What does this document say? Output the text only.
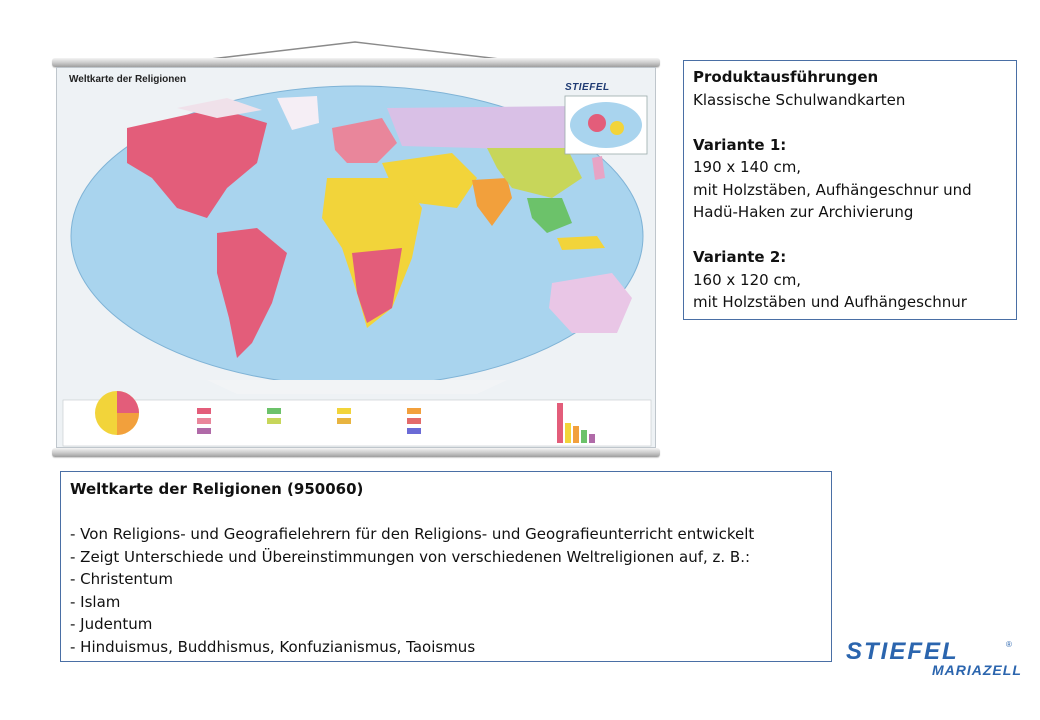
Weltkarte der Religionen
STIEFEL

Produktausführungen

Klassische Schulwandkarten

Variante 1:

190 x 140 cm,

mit Holzstäben, Aufhängeschnur und

Hadü-Haken zur Archivierung

Variante 2:

160 x 120 cm,

mit Holzstäben und Aufhängeschnur

Weltkarte der Religionen (950060)

- Von Religions- und Geografielehrern für den Religions- und Geografieunterricht entwickelt

- Zeigt Unterschiede und Übereinstimmungen von verschiedenen Weltreligionen auf, z. B.:

- Christentum

- Islam

- Judentum

- Hinduismus, Buddhismus, Konfuzianismus, Taoismus	STIEFEL	®
MARIAZELL
